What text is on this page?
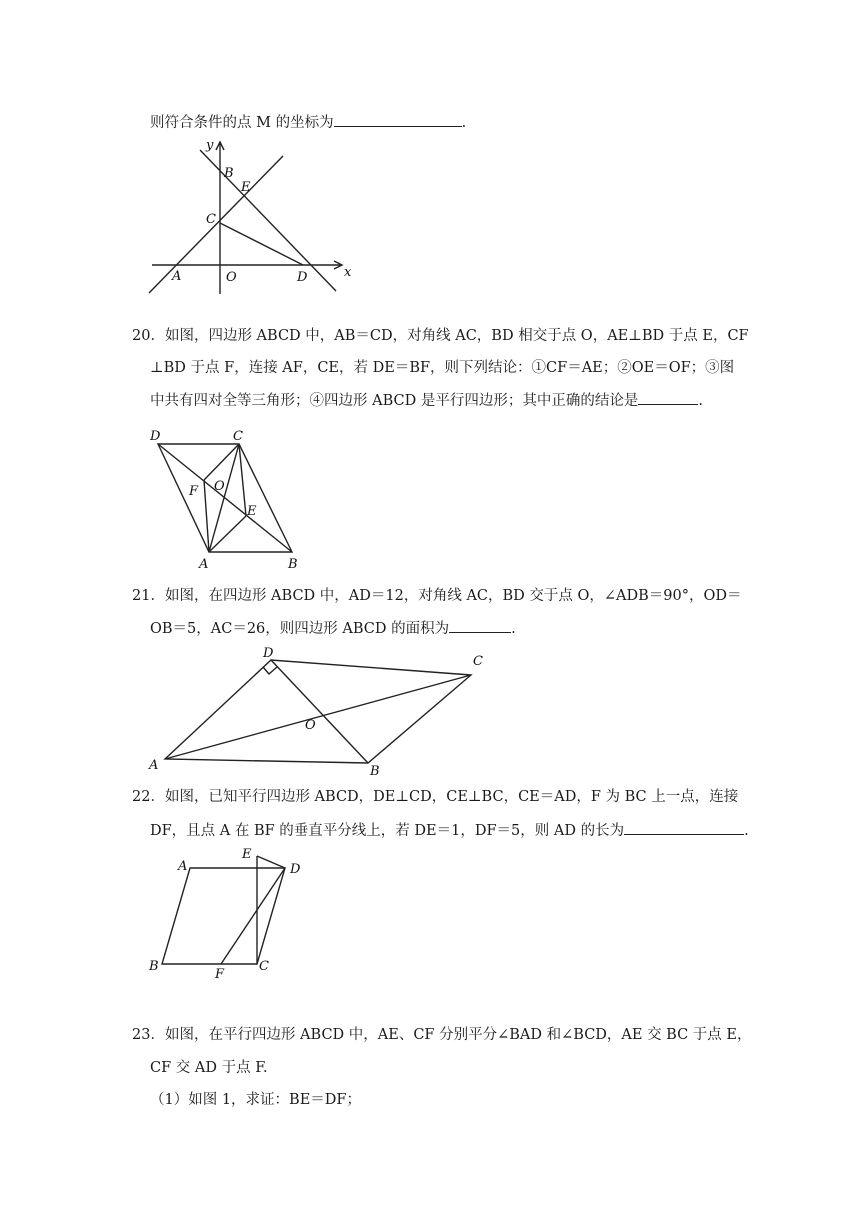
则符合条件的点 M 的坐标为	.
y
x
B
E
C
A	O	D
20．如图，四边形 ABCD 中，AB＝CD，对角线 AC，BD 相交于点 O，AE⊥BD 于点 E，CF
⊥BD 于点 F，连接 AF，CE，若 DE＝BF，则下列结论：①CF＝AE；②OE＝OF；③图
中共有四对全等三角形；④四边形 ABCD 是平行四边形；其中正确的结论是	.
D	C
F O
E
A	B
21．如图，在四边形 ABCD 中，AD＝12，对角线 AC，BD 交于点 O，∠ADB＝90°，OD＝
OB＝5，AC＝26，则四边形 ABCD 的面积为	.
D
C
O
A	B
22．如图，已知平行四边形 ABCD，DE⊥CD，CE⊥BC，CE＝AD，F 为 BC 上一点，连接
DF，且点 A 在 BF 的垂直平分线上，若 DE＝1，DF＝5，则 AD 的长为	.
E
A	D
B
F
C
23．如图，在平行四边形 ABCD 中，AE、CF 分别平分∠BAD 和∠BCD，AE 交 BC 于点 E，
CF 交 AD 于点 F.
（1）如图 1，求证：BE＝DF；
